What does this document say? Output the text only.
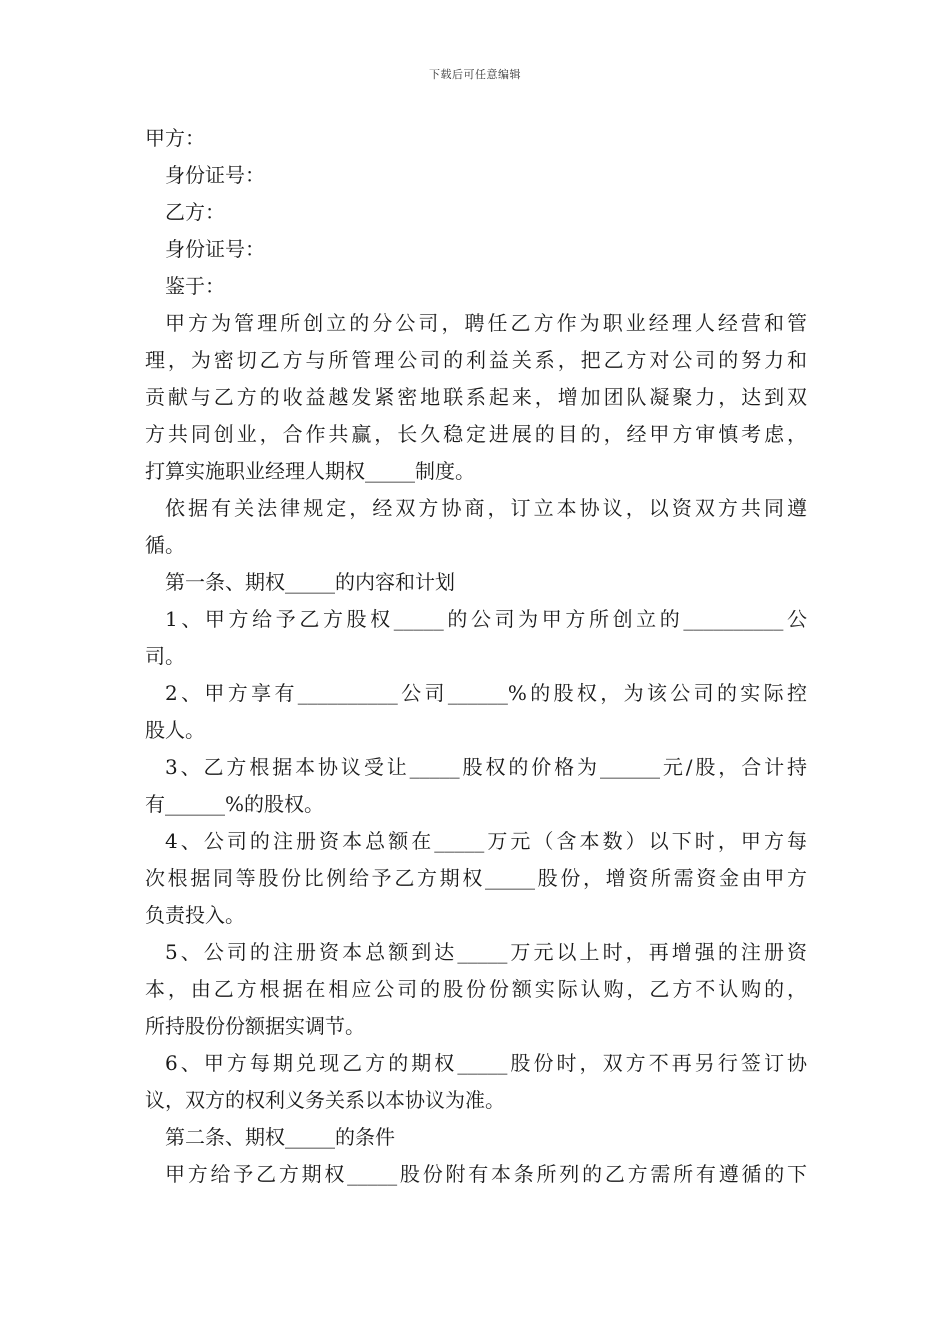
下载后可任意编辑
甲方：
身份证号：
乙方：
身份证号：
鉴于：
甲方为管理所创立的分公司，聘任乙方作为职业经理人经营和管
理，为密切乙方与所管理公司的利益关系，把乙方对公司的努力和
贡献与乙方的收益越发紧密地联系起来，增加团队凝聚力，达到双
方共同创业，合作共赢，长久稳定进展的目的，经甲方审慎考虑，
打算实施职业经理人期权_____制度。
依据有关法律规定，经双方协商，订立本协议，以资双方共同遵
循。
第一条、期权_____的内容和计划
1、甲方给予乙方股权_____的公司为甲方所创立的__________公
司。
2、甲方享有__________公司______%的股权，为该公司的实际控
股人。
3、乙方根据本协议受让_____股权的价格为______元/股，合计持
有______%的股权。
4、公司的注册资本总额在_____万元（含本数）以下时，甲方每
次根据同等股份比例给予乙方期权_____股份，增资所需资金由甲方
负责投入。
5、公司的注册资本总额到达_____万元以上时，再增强的注册资
本，由乙方根据在相应公司的股份份额实际认购，乙方不认购的，
所持股份份额据实调节。
6、甲方每期兑现乙方的期权_____股份时，双方不再另行签订协
议，双方的权利义务关系以本协议为准。
第二条、期权_____的条件
甲方给予乙方期权_____股份附有本条所列的乙方需所有遵循的下
